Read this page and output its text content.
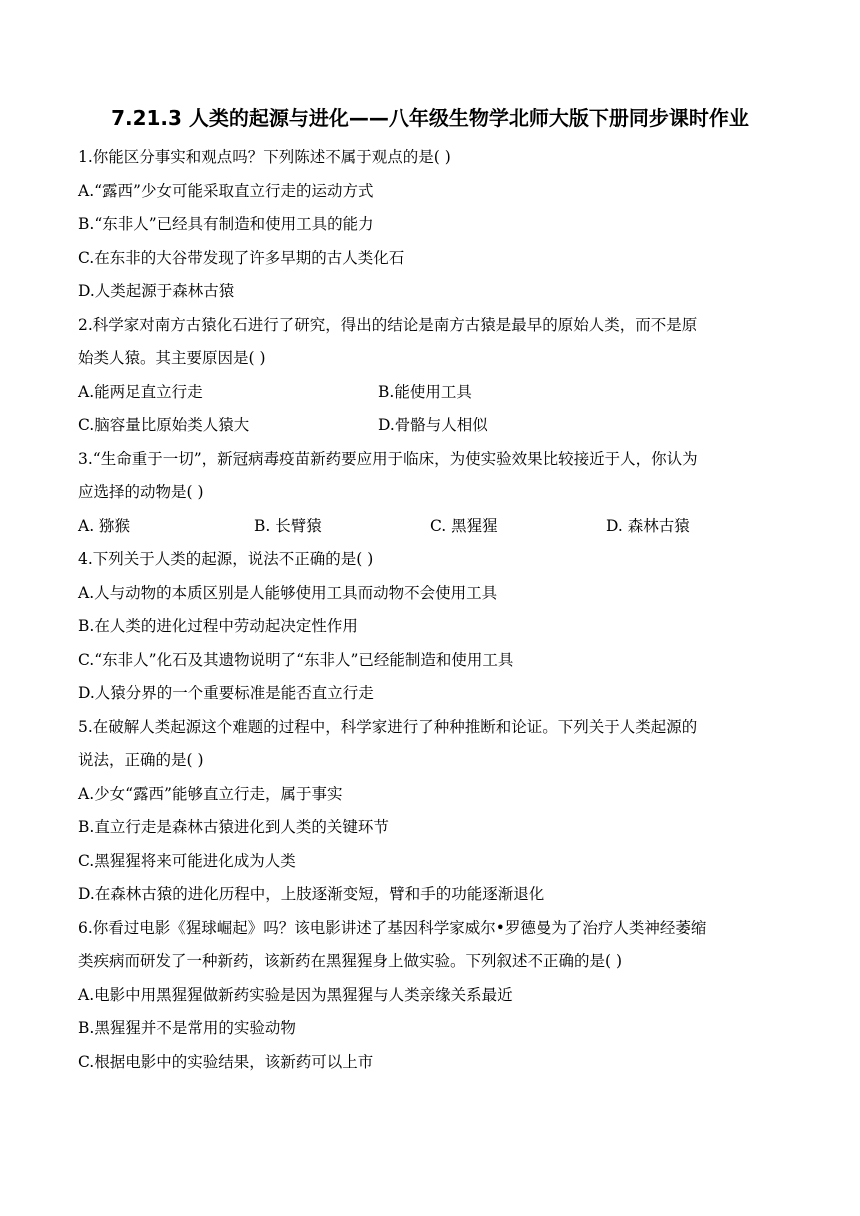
7.21.3 人类的起源与进化——八年级生物学北师大版下册同步课时作业
1.你能区分事实和观点吗？下列陈述不属于观点的是( )
A.“露西”少女可能采取直立行走的运动方式
B.“东非人”已经具有制造和使用工具的能力
C.在东非的大谷带发现了许多早期的古人类化石
D.人类起源于森林古猿
2.科学家对南方古猿化石进行了研究，得出的结论是南方古猿是最早的原始人类，而不是原
始类人猿。其主要原因是( )
A.能两足直立行走	B.能使用工具
C.脑容量比原始类人猿大	D.骨骼与人相似
3.“生命重于一切”，新冠病毒疫苗新药要应用于临床，为使实验效果比较接近于人，你认为
应选择的动物是( )
A. 猕猴	B. 长臂猿	C. 黑猩猩	D. 森林古猿
4.下列关于人类的起源，说法不正确的是( )
A.人与动物的本质区别是人能够使用工具而动物不会使用工具
B.在人类的进化过程中劳动起决定性作用
C.“东非人”化石及其遗物说明了“东非人”已经能制造和使用工具
D.人猿分界的一个重要标准是能否直立行走
5.在破解人类起源这个难题的过程中，科学家进行了种种推断和论证。下列关于人类起源的
说法，正确的是( )
A.少女“露西”能够直立行走，属于事实
B.直立行走是森林古猿进化到人类的关键环节
C.黑猩猩将来可能进化成为人类
D.在森林古猿的进化历程中，上肢逐渐变短，臂和手的功能逐渐退化
6.你看过电影《猩球崛起》吗？该电影讲述了基因科学家威尔•罗德曼为了治疗人类神经萎缩
类疾病而研发了一种新药，该新药在黑猩猩身上做实验。下列叙述不正确的是( )
A.电影中用黑猩猩做新药实验是因为黑猩猩与人类亲缘关系最近
B.黑猩猩并不是常用的实验动物
C.根据电影中的实验结果，该新药可以上市
